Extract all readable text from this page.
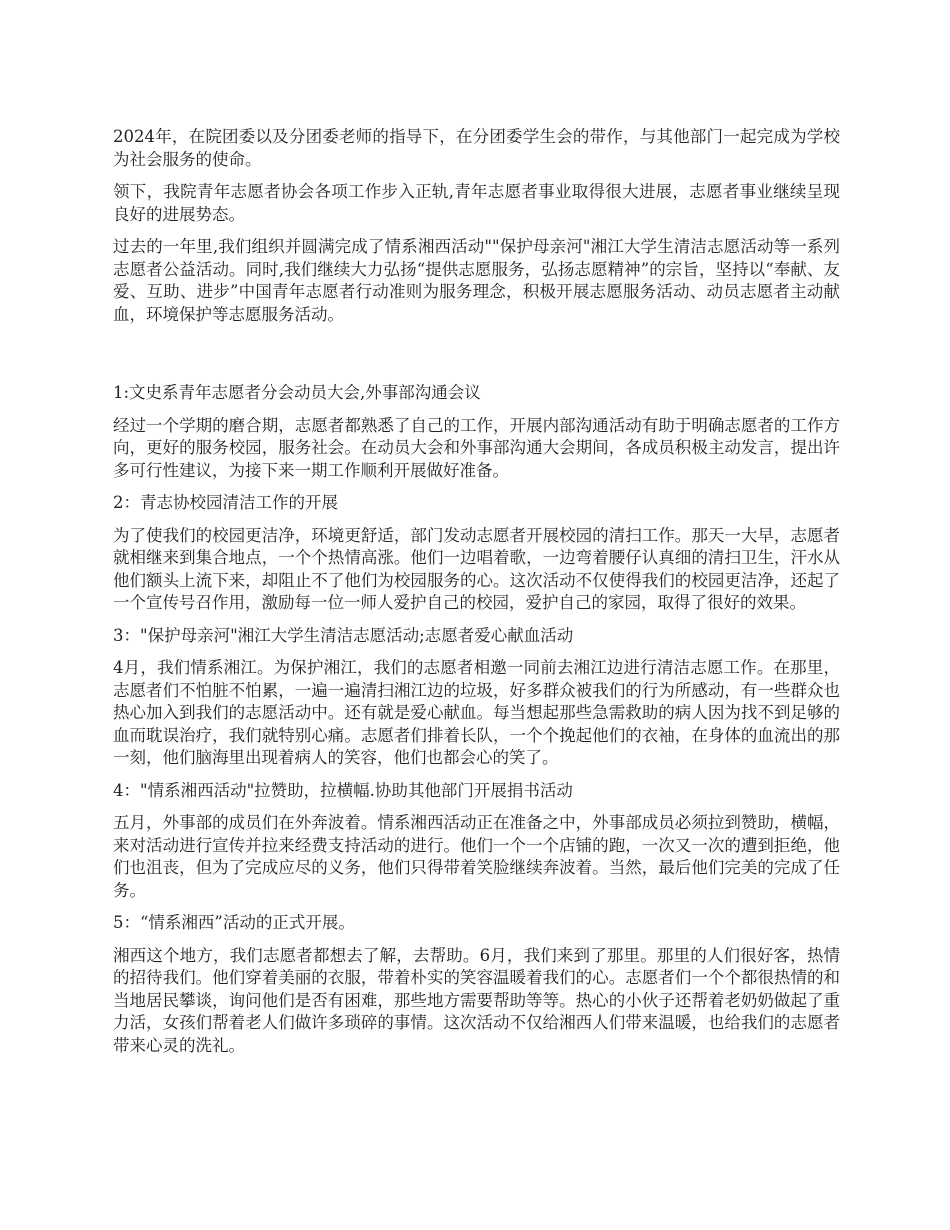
2024年，在院团委以及分团委老师的指导下，在分团委学生会的带作，与其他部门一起完成为学校为社会服务的使命。

领下，我院青年志愿者协会各项工作步入正轨,青年志愿者事业取得很大进展，志愿者事业继续呈现良好的进展势态。

过去的一年里,我们组织并圆满完成了情系湘西活动""保护母亲河"湘江大学生清洁志愿活动等一系列志愿者公益活动。同时,我们继续大力弘扬“提供志愿服务，弘扬志愿精神”的宗旨，坚持以“奉献、友爱、互助、进步”中国青年志愿者行动准则为服务理念，积极开展志愿服务活动、动员志愿者主动献血，环境保护等志愿服务活动。

1:文史系青年志愿者分会动员大会,外事部沟通会议

经过一个学期的磨合期，志愿者都熟悉了自己的工作，开展内部沟通活动有助于明确志愿者的工作方向，更好的服务校园，服务社会。在动员大会和外事部沟通大会期间，各成员积极主动发言，提出许多可行性建议，为接下来一期工作顺利开展做好准备。

2：青志协校园清洁工作的开展

为了使我们的校园更洁净，环境更舒适，部门发动志愿者开展校园的清扫工作。那天一大早，志愿者就相继来到集合地点，一个个热情高涨。他们一边唱着歌，一边弯着腰仔认真细的清扫卫生，汗水从他们额头上流下来，却阻止不了他们为校园服务的心。这次活动不仅使得我们的校园更洁净，还起了一个宣传号召作用，激励每一位一师人爱护自己的校园，爱护自己的家园，取得了很好的效果。

3："保护母亲河"湘江大学生清洁志愿活动;志愿者爱心献血活动

4月，我们情系湘江。为保护湘江，我们的志愿者相邀一同前去湘江边进行清洁志愿工作。在那里，志愿者们不怕脏不怕累，一遍一遍清扫湘江边的垃圾，好多群众被我们的行为所感动，有一些群众也热心加入到我们的志愿活动中。还有就是爱心献血。每当想起那些急需救助的病人因为找不到足够的血而耽误治疗，我们就特别心痛。志愿者们排着长队，一个个挽起他们的衣袖，在身体的血流出的那一刻，他们脑海里出现着病人的笑容，他们也都会心的笑了。

4："情系湘西活动"拉赞助，拉横幅.协助其他部门开展捐书活动

五月，外事部的成员们在外奔波着。情系湘西活动正在准备之中，外事部成员必须拉到赞助，横幅，来对活动进行宣传并拉来经费支持活动的进行。他们一个一个店铺的跑，一次又一次的遭到拒绝，他们也沮丧，但为了完成应尽的义务，他们只得带着笑脸继续奔波着。当然，最后他们完美的完成了任务。

5：“情系湘西”活动的正式开展。

湘西这个地方，我们志愿者都想去了解，去帮助。6月，我们来到了那里。那里的人们很好客，热情的招待我们。他们穿着美丽的衣服，带着朴实的笑容温暖着我们的心。志愿者们一个个都很热情的和当地居民攀谈，询问他们是否有困难，那些地方需要帮助等等。热心的小伙子还帮着老奶奶做起了重力活，女孩们帮着老人们做许多琐碎的事情。这次活动不仅给湘西人们带来温暖，也给我们的志愿者带来心灵的洗礼。
